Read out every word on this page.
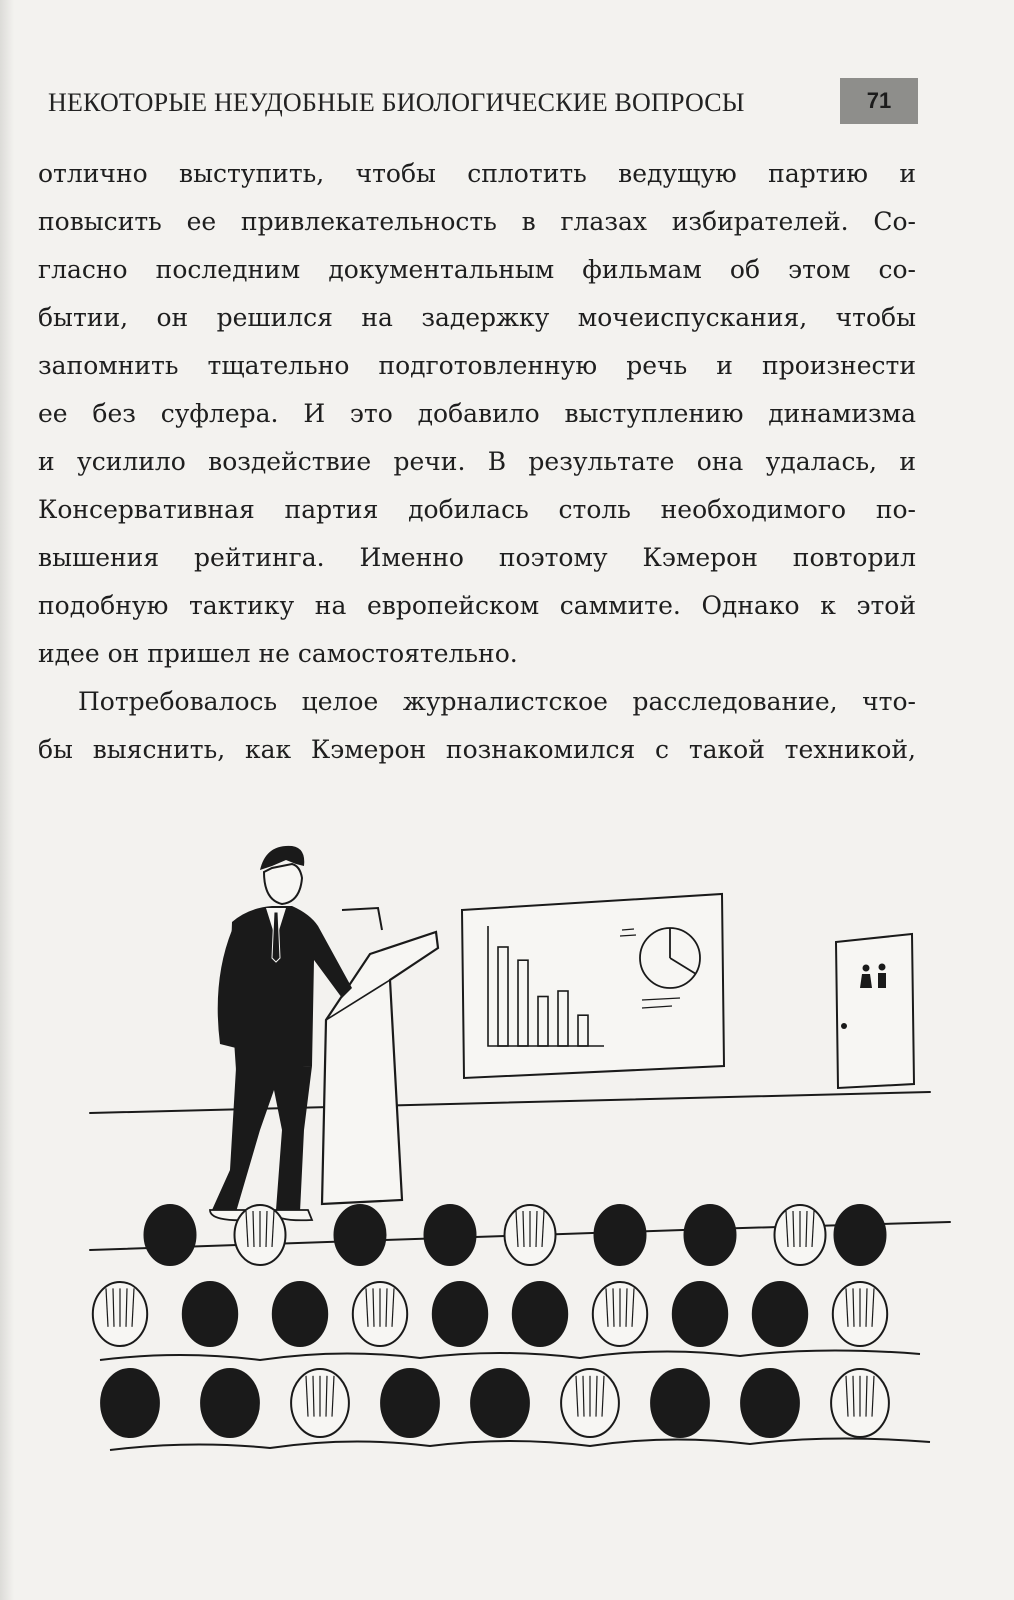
НЕКОТОРЫЕ НЕУДОБНЫЕ БИОЛОГИЧЕСКИЕ ВОПРОСЫ	71
отлично выступить, чтобы сплотить ведущую партию и
повысить ее привлекательность в глазах избирателей. Со-
гласно последним документальным фильмам об этом со-
бытии, он решился на задержку мочеиспускания, чтобы
запомнить тщательно подготовленную речь и произнести
ее без суфлера. И это добавило выступлению динамизма
и усилило воздействие речи. В результате она удалась, и
Консервативная партия добилась столь необходимого по-
вышения рейтинга. Именно поэтому Кэмерон повторил
подобную тактику на европейском саммите. Однако к этой
идее он пришел не самостоятельно.
Потребовалось целое журналистское расследование, что-
бы выяснить, как Кэмерон познакомился с такой техникой,
